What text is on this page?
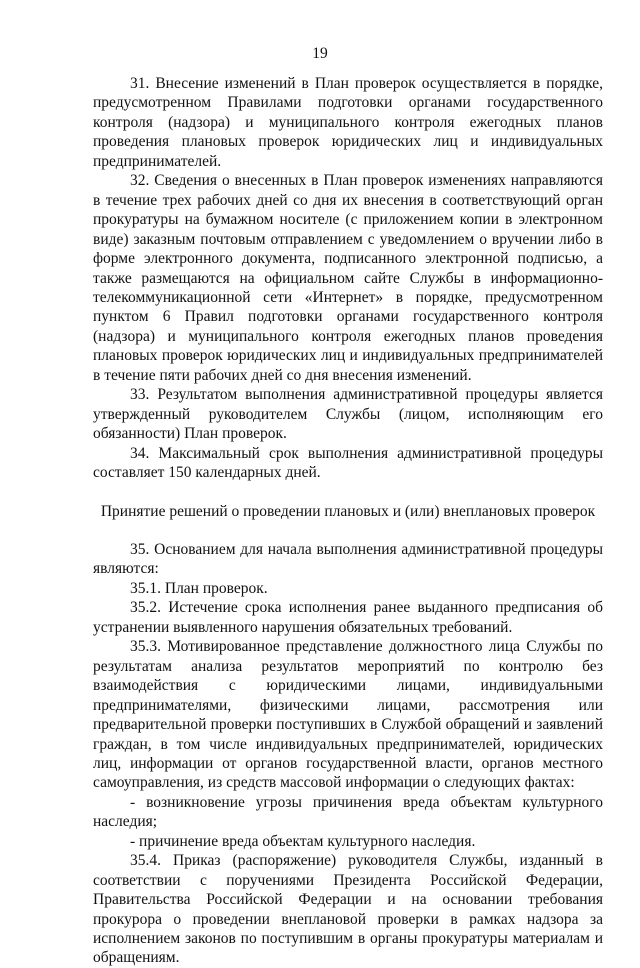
19

31. Внесение изменений в План проверок осуществляется в порядке, предусмотренном Правилами подготовки органами государственного контроля (надзора) и муниципального контроля ежегодных планов проведения плановых проверок юридических лиц и индивидуальных предпринимателей.

32. Сведения о внесенных в План проверок изменениях направляются в течение трех рабочих дней со дня их внесения в соответствующий орган прокуратуры на бумажном носителе (с приложением копии в электронном виде) заказным почтовым отправлением с уведомлением о вручении либо в форме электронного документа, подписанного электронной подписью, а также размещаются на официальном сайте Службы в информационно-телекоммуникационной сети «Интернет» в порядке, предусмотренном пунктом 6 Правил подготовки органами государственного контроля (надзора) и муниципального контроля ежегодных планов проведения плановых проверок юридических лиц и индивидуальных предпринимателей в течение пяти рабочих дней со дня внесения изменений.

33. Результатом выполнения административной процедуры является утвержденный руководителем Службы (лицом, исполняющим его обязанности) План проверок.

34. Максимальный срок выполнения административной процедуры составляет 150 календарных дней.

Принятие решений о проведении плановых и (или) внеплановых проверок

35. Основанием для начала выполнения административной процедуры являются:

35.1. План проверок.

35.2. Истечение срока исполнения ранее выданного предписания об устранении выявленного нарушения обязательных требований.

35.3. Мотивированное представление должностного лица Службы по результатам анализа результатов мероприятий по контролю без взаимодействия с юридическими лицами, индивидуальными предпринимателями, физическими лицами, рассмотрения или предварительной проверки поступивших в Службой обращений и заявлений граждан, в том числе индивидуальных предпринимателей, юридических лиц, информации от органов государственной власти, органов местного самоуправления, из средств массовой информации о следующих фактах:

- возникновение угрозы причинения вреда объектам культурного наследия;

- причинение вреда объектам культурного наследия.

35.4. Приказ (распоряжение) руководителя Службы, изданный в соответствии с поручениями Президента Российской Федерации, Правительства Российской Федерации и на основании требования прокурора о проведении внеплановой проверки в рамках надзора за исполнением законов по поступившим в органы прокуратуры материалам и обращениям.
